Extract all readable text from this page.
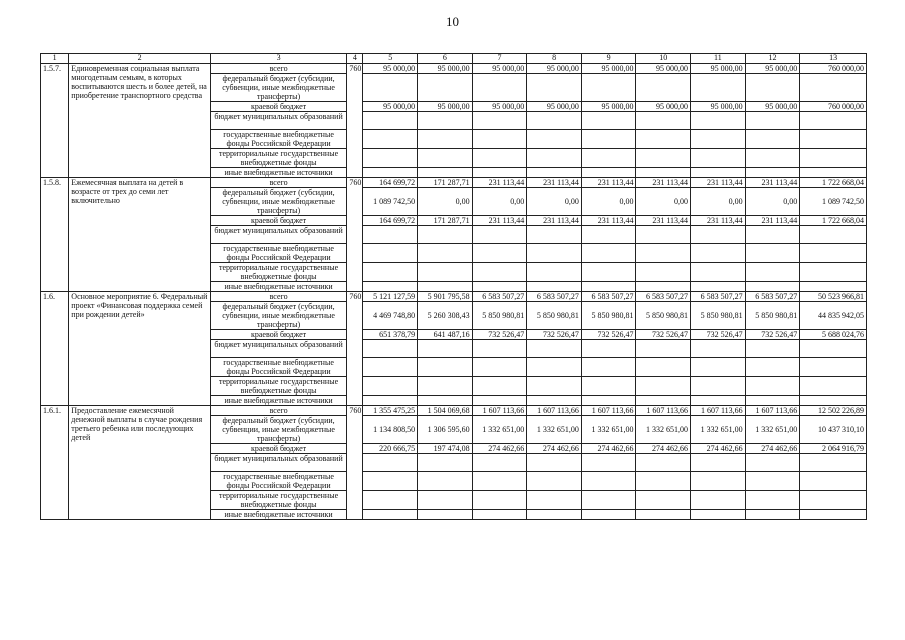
10
1	2	3	4	5	6	7	8	9	10	11	12	13
1.5.7.	Единовременная социальная выплата многодетным семьям, в которых воспитываются шесть и более детей, на приобретение транспортного средства	всего	760	95 000,00	95 000,00	95 000,00	95 000,00	95 000,00	95 000,00	95 000,00	95 000,00	760 000,00
		федеральный бюджет (субсидии, субвенции, иные межбюджетные трансферты)										
		краевой бюджет		95 000,00	95 000,00	95 000,00	95 000,00	95 000,00	95 000,00	95 000,00	95 000,00	760 000,00
		бюджет муниципальных образований										
		государственные внебюджетные фонды Российской Федерации										
		территориальные государственные внебюджетные фонды										
		иные внебюджетные источники										
1.5.8.	Ежемесячная выплата на детей в возрасте от трех до семи лет включительно	всего	760	164 699,72	171 287,71	231 113,44	231 113,44	231 113,44	231 113,44	231 113,44	231 113,44	1 722 668,04
		федеральный бюджет (субсидии, субвенции, иные межбюджетные трансферты)		1 089 742,50	0,00	0,00	0,00	0,00	0,00	0,00	0,00	1 089 742,50
		краевой бюджет		164 699,72	171 287,71	231 113,44	231 113,44	231 113,44	231 113,44	231 113,44	231 113,44	1 722 668,04
		бюджет муниципальных образований										
		государственные внебюджетные фонды Российской Федерации										
		территориальные государственные внебюджетные фонды										
		иные внебюджетные источники										
1.6.	Основное мероприятие 6. Федеральный проект «Финансовая поддержка семей при рождении детей»	всего	760	5 121 127,59	5 901 795,58	6 583 507,27	6 583 507,27	6 583 507,27	6 583 507,27	6 583 507,27	6 583 507,27	50 523 966,81
		федеральный бюджет (субсидии, субвенции, иные межбюджетные трансферты)		4 469 748,80	5 260 308,43	5 850 980,81	5 850 980,81	5 850 980,81	5 850 980,81	5 850 980,81	5 850 980,81	44 835 942,05
		краевой бюджет		651 378,79	641 487,16	732 526,47	732 526,47	732 526,47	732 526,47	732 526,47	732 526,47	5 688 024,76
		бюджет муниципальных образований										
		государственные внебюджетные фонды Российской Федерации										
		территориальные государственные внебюджетные фонды										
		иные внебюджетные источники										
1.6.1.	Предоставление ежемесячной денежной выплаты в случае рождения третьего ребенка или последующих детей	всего	760	1 355 475,25	1 504 069,68	1 607 113,66	1 607 113,66	1 607 113,66	1 607 113,66	1 607 113,66	1 607 113,66	12 502 226,89
		федеральный бюджет (субсидии, субвенции, иные межбюджетные трансферты)		1 134 808,50	1 306 595,60	1 332 651,00	1 332 651,00	1 332 651,00	1 332 651,00	1 332 651,00	1 332 651,00	10 437 310,10
		краевой бюджет		220 666,75	197 474,08	274 462,66	274 462,66	274 462,66	274 462,66	274 462,66	274 462,66	2 064 916,79
		бюджет муниципальных образований										
		государственные внебюджетные фонды Российской Федерации										
		территориальные государственные внебюджетные фонды										
		иные внебюджетные источники										
